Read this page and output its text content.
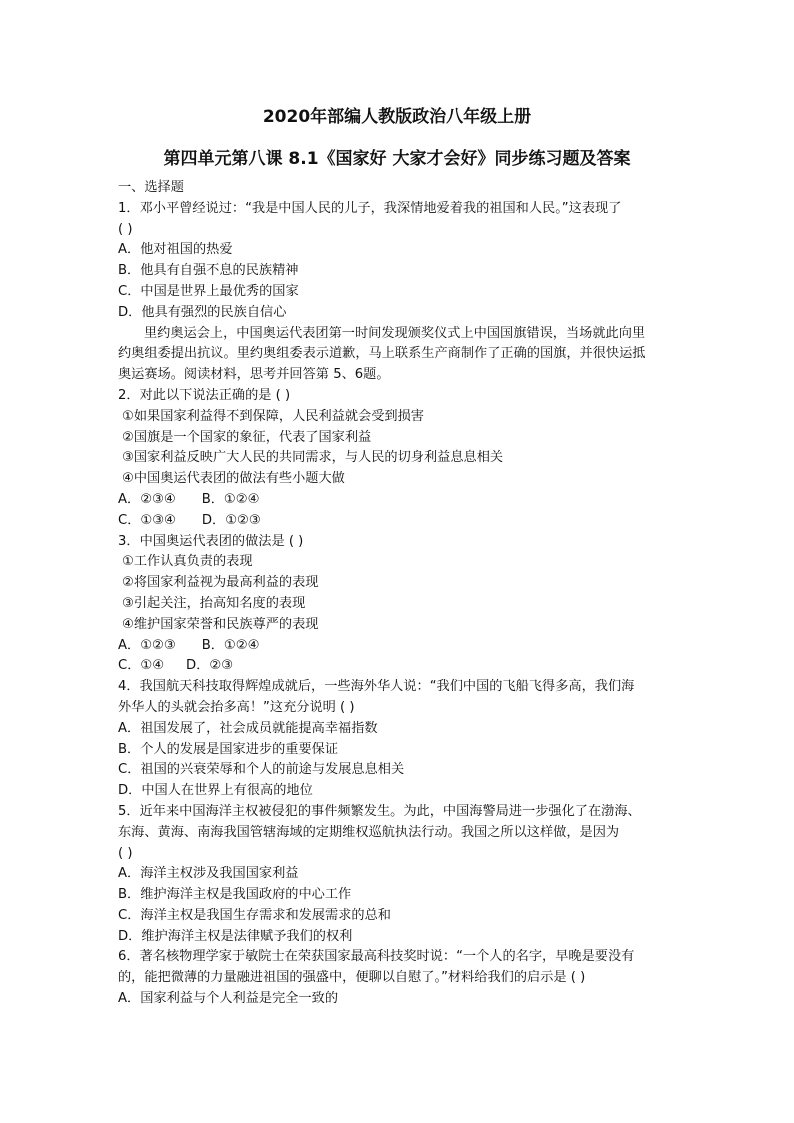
2020年部编人教版政治八年级上册
第四单元第八课 8.1《国家好 大家才会好》同步练习题及答案
一、选择题
1．邓小平曾经说过：“我是中国人民的儿子，我深情地爱着我的祖国和人民。”这表现了
( )
A．他对祖国的热爱
B．他具有自强不息的民族精神
C．中国是世界上最优秀的国家
D．他具有强烈的民族自信心
里约奥运会上，中国奥运代表团第一时间发现颁奖仪式上中国国旗错误，当场就此向里
约奥组委提出抗议。里约奥组委表示道歉，马上联系生产商制作了正确的国旗，并很快运抵
奥运赛场。阅读材料，思考并回答第 5、6题。
2．对此以下说法正确的是 ( )
①如果国家利益得不到保障，人民利益就会受到损害
②国旗是一个国家的象征，代表了国家利益
③国家利益反映广大人民的共同需求，与人民的切身利益息息相关
④中国奥运代表团的做法有些小题大做
A．②③④ B．①②④
C．①③④ D．①②③
3．中国奥运代表团的做法是 ( )
①工作认真负责的表现
②将国家利益视为最高利益的表现
③引起关注，抬高知名度的表现
④维护国家荣誉和民族尊严的表现
A．①②③ B．①②④
C．①④ D．②③
4．我国航天科技取得辉煌成就后，一些海外华人说：“我们中国的飞船飞得多高，我们海
外华人的头就会抬多高！”这充分说明 ( )
A．祖国发展了，社会成员就能提高幸福指数
B．个人的发展是国家进步的重要保证
C．祖国的兴衰荣辱和个人的前途与发展息息相关
D．中国人在世界上有很高的地位
5．近年来中国海洋主权被侵犯的事件频繁发生。为此，中国海警局进一步强化了在渤海、
东海、黄海、南海我国管辖海域的定期维权巡航执法行动。我国之所以这样做，是因为
( )
A．海洋主权涉及我国国家利益
B．维护海洋主权是我国政府的中心工作
C．海洋主权是我国生存需求和发展需求的总和
D．维护海洋主权是法律赋予我们的权利
6．著名核物理学家于敏院士在荣获国家最高科技奖时说：“一个人的名字，早晚是要没有
的，能把微薄的力量融进祖国的强盛中，便聊以自慰了。”材料给我们的启示是 ( )
A．国家利益与个人利益是完全一致的
